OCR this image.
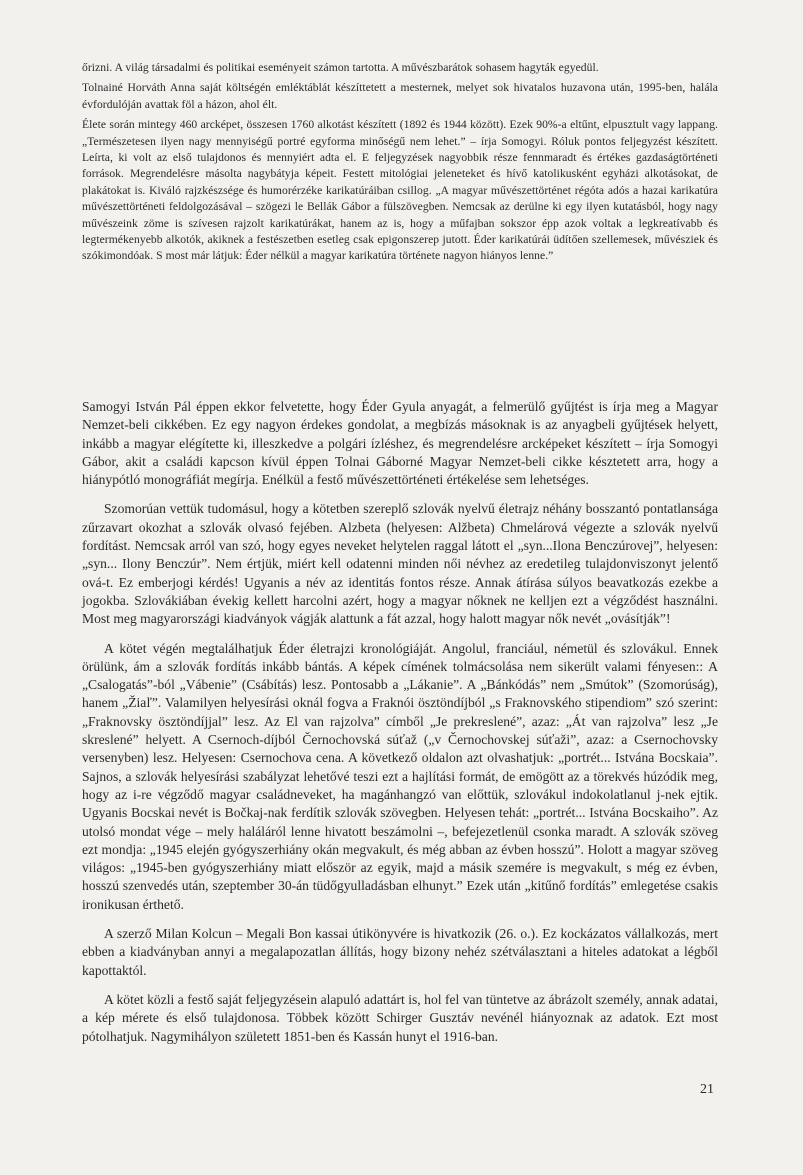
őrizni. A világ társadalmi és politikai eseményeit számon tartotta. A művészbarátok sohasem hagyták egyedül.

Tolnainé Horváth Anna saját költségén emléktáblát készíttetett a mesternek, melyet sok hivatalos huzavona után, 1995-ben, halála évfordulóján avattak föl a házon, ahol élt.

Élete során mintegy 460 arcképet, összesen 1760 alkotást készített (1892 és 1944 között). Ezek 90%-a eltűnt, elpusztult vagy lappang. „Természetesen ilyen nagy mennyiségű portré egyforma minőségű nem lehet.” – írja Somogyi. Róluk pontos feljegyzést készített. Leírta, ki volt az első tulajdonos és mennyiért adta el. E feljegyzések nagyobbik része fennmaradt és értékes gazdaságtörténeti források. Megrendelésre másolta nagybátyja képeit. Festett mitológiai jeleneteket és hívő katolikusként egyházi alkotásokat, de plakátokat is. Kiváló rajzkészsége és humorérzéke karikatúráiban csillog. „A magyar művészettörténet régóta adós a hazai karikatúra művészettörténeti feldolgozásával – szögezi le Bellák Gábor a fülszövegben. Nemcsak az derülne ki egy ilyen kutatásból, hogy nagy művészeink zöme is szívesen rajzolt karikatúrákat, hanem az is, hogy a műfajban sokszor épp azok voltak a legkreatívabb és legtermékenyebb alkotók, akiknek a festészetben esetleg csak epigonszerep jutott. Éder karikatúrái üdítően szellemesek, művésziek és szókimondóak. S most már látjuk: Éder nélkül a magyar karikatúra története nagyon hiányos lenne.”

Samogyi István Pál éppen ekkor felvetette, hogy Éder Gyula anyagát, a felmerülő gyűjtést is írja meg a Magyar Nemzet-beli cikkében. Ez egy nagyon érdekes gondolat, a megbízás másoknak is az anyagbeli gyűjtések helyett, inkább a magyar elégítette ki, illeszkedve a polgári ízléshez, és megrendelésre arcképeket készített – írja Somogyi Gábor, akit a családi kapcson kívül éppen Tolnai Gáborné Magyar Nemzet-beli cikke késztetett arra, hogy a hiánypótló monográfiát megírja. Enélkül a festő művészettörténeti értékelése sem lehetséges.

Szomorúan vettük tudomásul, hogy a kötetben szereplő szlovák nyelvű életrajz néhány bosszantó pontatlansága zűrzavart okozhat a szlovák olvasó fejében. Alzbeta (helyesen: Alžbeta) Chmelárová végezte a szlovák nyelvű fordítást. Nemcsak arról van szó, hogy egyes neveket helytelen raggal látott el „syn...Ilona Benczúrovej”, helyesen: „syn... Ilony Benczúr”. Nem értjük, miért kell odatenni minden női névhez az eredetileg tulajdonviszonyt jelentő ová-t. Ez emberjogi kérdés! Ugyanis a név az identitás fontos része. Annak átírása súlyos beavatkozás ezekbe a jogokba. Szlovákiában évekig kellett harcolni azért, hogy a magyar nőknek ne kelljen ezt a végződést használni. Most meg magyarországi kiadványok vágják alattunk a fát azzal, hogy halott magyar nők nevét „ovásítják”!

A kötet végén megtalálhatjuk Éder életrajzi kronológiáját. Angolul, franciául, németül és szlovákul. Ennek örülünk, ám a szlovák fordítás inkább bántás. A képek címének tolmácsolása nem sikerült valami fényesen:: A „Csalogatás”-ból „Vábenie” (Csábítás) lesz. Pontosabb a „Lákanie”. A „Bánkódás” nem „Smútok” (Szomorúság), hanem „Žiaľ”. Valamilyen helyesírási oknál fogva a Fraknói ösztöndíjból „s Fraknovského stipendiom” szó szerint: „Fraknovsky ösztöndíjjal” lesz. Az El van rajzolva” címből „Je prekreslené”, azaz: „Át van rajzolva” lesz „Je skreslené” helyett. A Csernoch-díjból Černochovská súťaž („v Černochovskej súťaži”, azaz: a Csernochovsky versenyben) lesz. Helyesen: Csernochova cena. A következő oldalon azt olvashatjuk: „portrét... Istvána Bocskaia”. Sajnos, a szlovák helyesírási szabályzat lehetővé teszi ezt a hajlítási formát, de emögött az a törekvés húzódik meg, hogy az i-re végződő magyar családneveket, ha magánhangzó van előttük, szlovákul indokolatlanul j-nek ejtik. Ugyanis Bocskai nevét is Bočkaj-nak ferdítik szlovák szövegben. Helyesen tehát: „portrét... Istvána Bocskaiho”. Az utolsó mondat vége – mely haláláról lenne hivatott beszámolni –, befejezetlenül csonka maradt. A szlovák szöveg ezt mondja: „1945 elején gyógyszerhiány okán megvakult, és még abban az évben hosszú”. Holott a magyar szöveg világos: „1945-ben gyógyszerhiány miatt először az egyik, majd a másik szemére is megvakult, s még ez évben, hosszú szenvedés után, szeptember 30-án tüdőgyulladásban elhunyt.” Ezek után „kitűnő fordítás” emlegetése csakis ironikusan érthető.

A szerző Milan Kolcun – Megali Bon kassai útikönyvére is hivatkozik (26. o.). Ez kockázatos vállalkozás, mert ebben a kiadványban annyi a megalapozatlan állítás, hogy bizony nehéz szétválasztani a hiteles adatokat a légből kapottaktól.

A kötet közli a festő saját feljegyzésein alapuló adattárt is, hol fel van tüntetve az ábrázolt személy, annak adatai, a kép mérete és első tulajdonosa. Többek között Schirger Gusztáv nevénél hiányoznak az adatok. Ezt most pótolhatjuk. Nagymihályon született 1851-ben és Kassán hunyt el 1916-ban.

21
